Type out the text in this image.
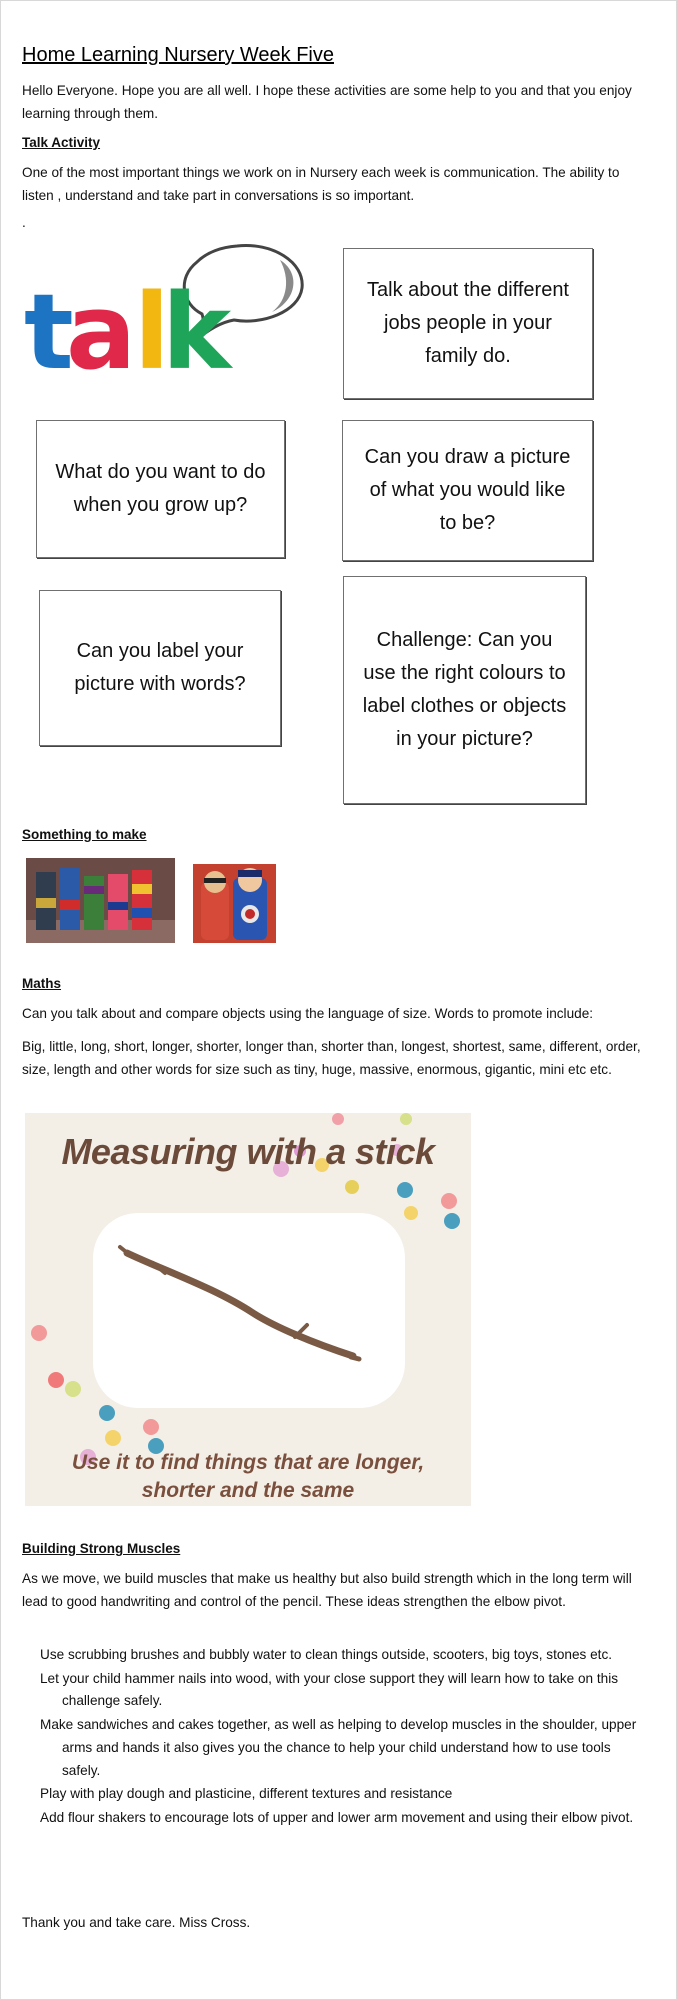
Home Learning Nursery Week Five
Hello Everyone. Hope you are all well. I hope these activities are some help to you and that you enjoy learning through them.
Talk Activity
One of the most important things we work on in Nursery each week is communication. The ability to listen , understand and take part in conversations is so important.
.
t
a
l
k	Talk about the different jobs people in your family do.
What do you want to do when you grow up?
Can you draw a picture of what you would like to be?
Can you label your picture with words?
Challenge: Can you use the right colours to label clothes or objects in your picture?
Something to make
Maths
Can you talk about and compare objects using the language of size. Words to promote include:
Big, little, long, short, longer, shorter, longer than, shorter than, longest, shortest, same, different, order, size, length and other words for size such as tiny, huge, massive, enormous, gigantic, mini etc etc.
Measuring with a stick
Use it to find things that are longer,
shorter and the same
Building Strong Muscles
As we move, we build muscles that make us healthy but also build strength which in the long term will lead to good handwriting and control of the pencil. These ideas strengthen the elbow pivot.
Use scrubbing brushes and bubbly water to clean things outside, scooters, big toys, stones etc.
Let your child hammer nails into wood, with your close support they will learn how to take on this challenge safely.
Make sandwiches and cakes together, as well as helping to develop muscles in the shoulder, upper arms and hands it also gives you the chance to help your child understand how to use tools safely.
Play with play dough and plasticine, different textures and resistance
Add flour shakers to encourage lots of upper and lower arm movement and using their elbow pivot.
Thank you and take care. Miss Cross.
